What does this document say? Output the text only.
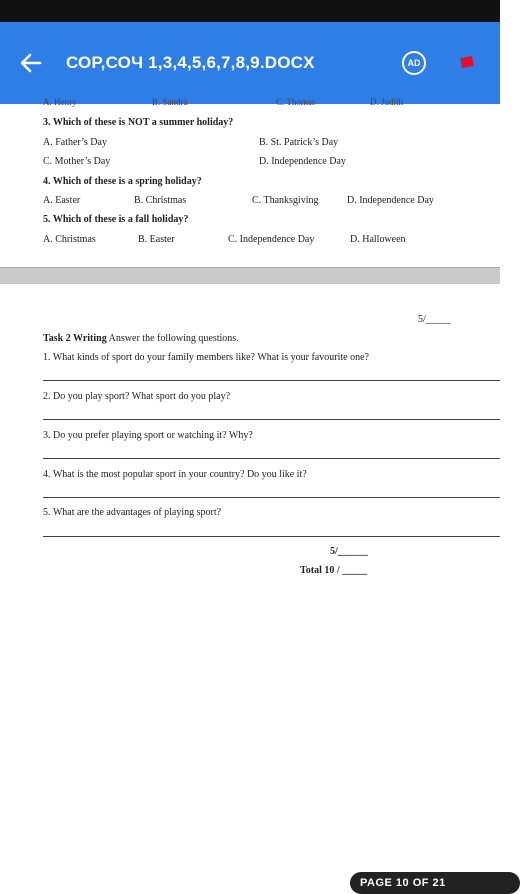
СОР,СОЧ 1,3,4,5,6,7,8,9.DOCX	AD
A. Henry	B. Sandra	C. Thomas	D. Judith
3. Which of these is NOT a summer holiday?
A. Father’s Day	B. St. Patrick’s Day
C. Mother’s Day	D. Independence Day
4. Which of these is a spring holiday?
A. Easter	B. Christmas	C. Thanksgiving	D. Independence Day
5. Which of these is a fall holiday?
A. Christmas	B. Easter	C. Independence Day	D. Halloween
5/_____
Task 2 Writing Answer the following questions.
1. What kinds of sport do your family members like? What is your favourite one?
2. Do you play sport? What sport do you play?
3. Do you prefer playing sport or watching it? Why?
4. What is the most popular sport in your country? Do you like it?
5. What are the advantages of playing sport?
5/______
Total 10 / _____
PAGE 10 OF 21
